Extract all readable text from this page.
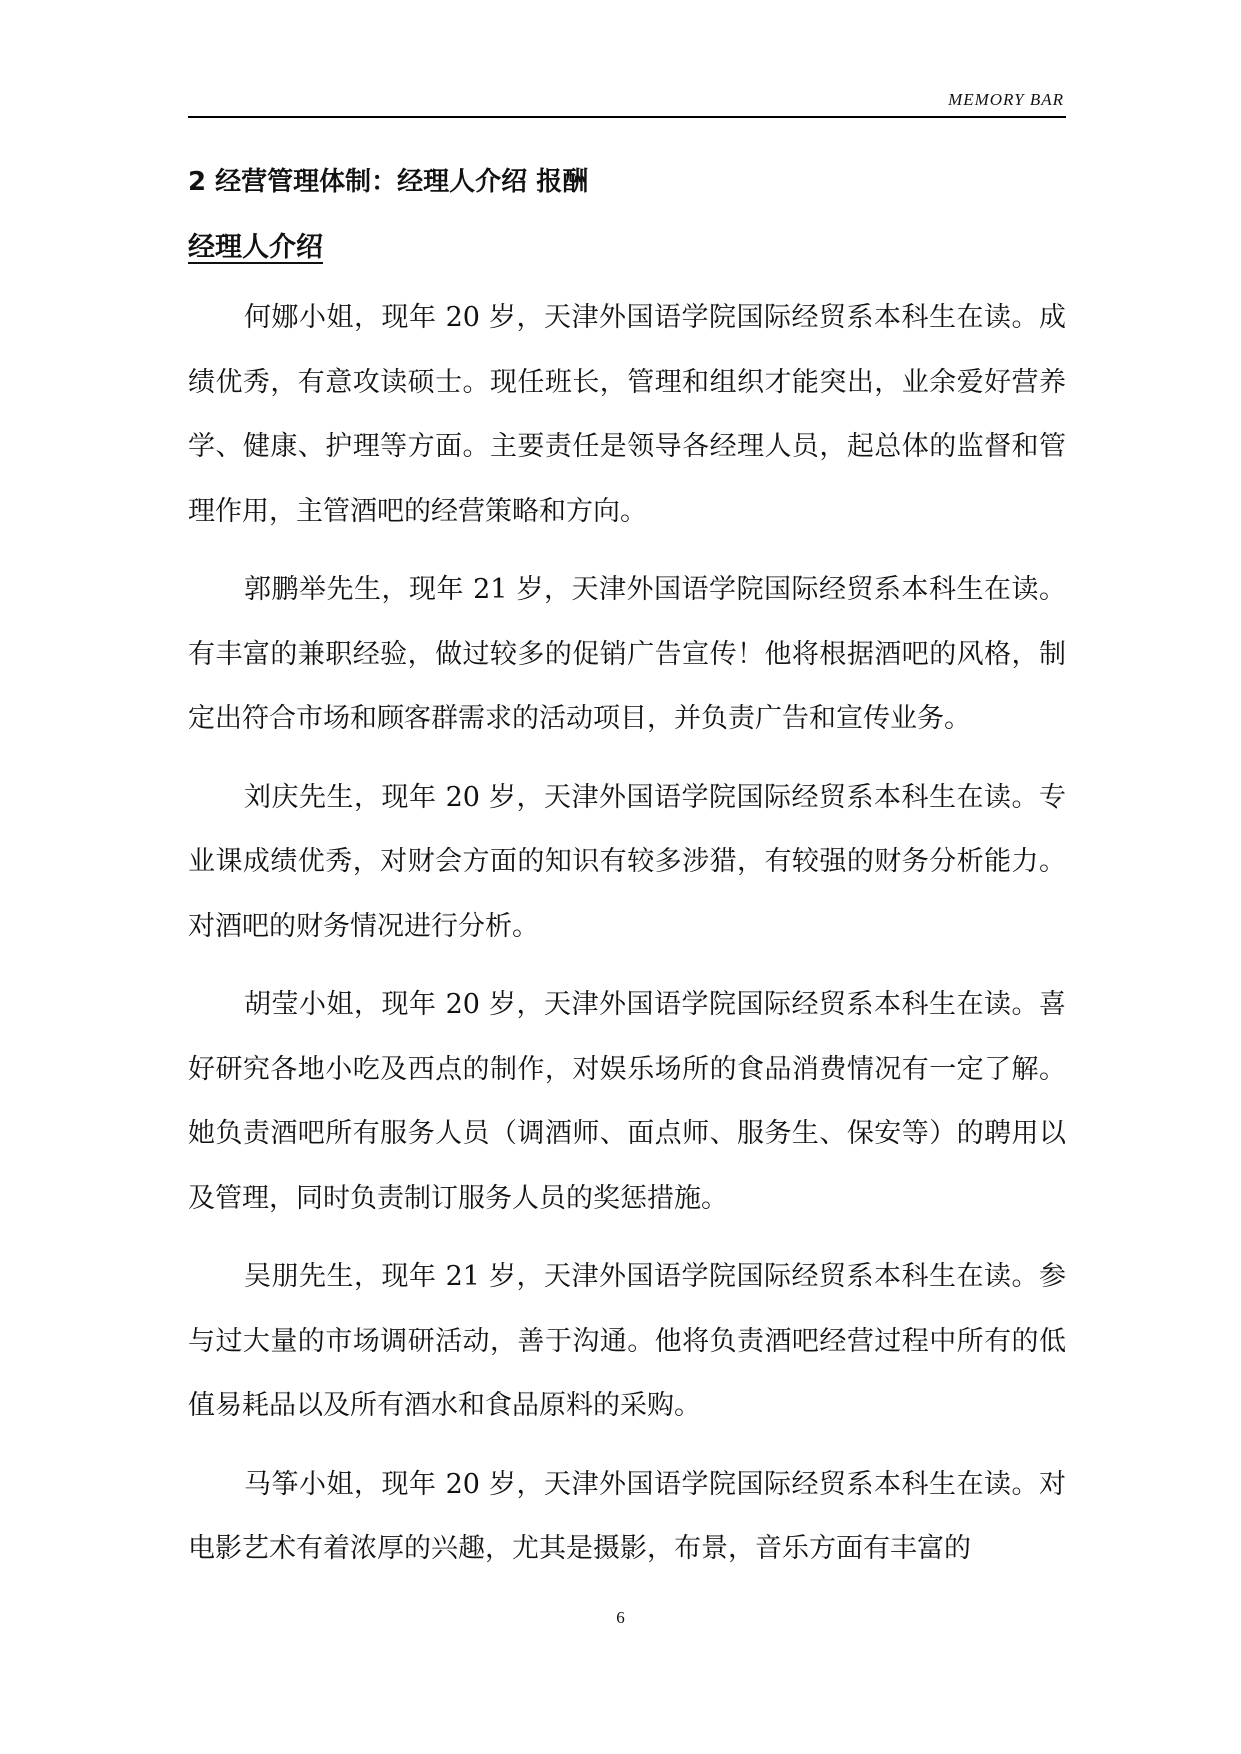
MEMORY BAR
2 经营管理体制：经理人介绍 报酬
经理人介绍

何娜小姐，现年 20 岁，天津外国语学院国际经贸系本科生在读。成绩优秀，有意攻读硕士。现任班长，管理和组织才能突出，业余爱好营养学、健康、护理等方面。主要责任是领导各经理人员，起总体的监督和管理作用，主管酒吧的经营策略和方向。

郭鹏举先生，现年 21 岁，天津外国语学院国际经贸系本科生在读。有丰富的兼职经验，做过较多的促销广告宣传！他将根据酒吧的风格，制定出符合市场和顾客群需求的活动项目，并负责广告和宣传业务。

刘庆先生，现年 20 岁，天津外国语学院国际经贸系本科生在读。专业课成绩优秀，对财会方面的知识有较多涉猎，有较强的财务分析能力。对酒吧的财务情况进行分析。

胡莹小姐，现年 20 岁，天津外国语学院国际经贸系本科生在读。喜好研究各地小吃及西点的制作，对娱乐场所的食品消费情况有一定了解。她负责酒吧所有服务人员（调酒师、面点师、服务生、保安等）的聘用以及管理，同时负责制订服务人员的奖惩措施。

吴朋先生，现年 21 岁，天津外国语学院国际经贸系本科生在读。参与过大量的市场调研活动，善于沟通。他将负责酒吧经营过程中所有的低值易耗品以及所有酒水和食品原料的采购。

马筝小姐，现年 20 岁，天津外国语学院国际经贸系本科生在读。对电影艺术有着浓厚的兴趣，尤其是摄影，布景，音乐方面有丰富的

6
